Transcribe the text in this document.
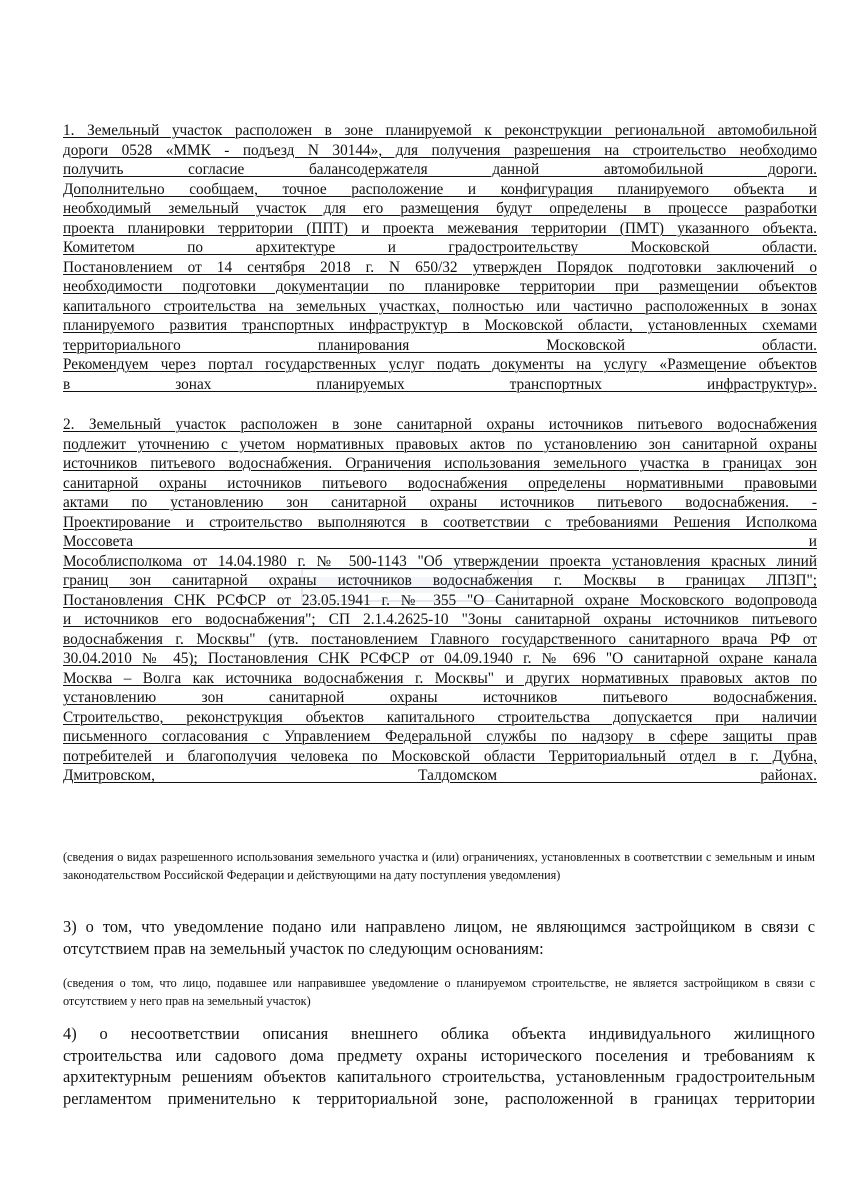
1. Земельный участок расположен в зоне планируемой к реконструкции региональной автомобильной

дороги 0528 «ММК - подъезд N 30144», для получения разрешения на строительство необходимо

получить согласие балансодержателя данной автомобильной дороги.

Дополнительно сообщаем, точное расположение и конфигурация планируемого объекта и

необходимый земельный участок для его размещения будут определены в процессе разработки

проекта планировки территории (ППТ) и проекта межевания территории (ПМТ) указанного объекта.

Комитетом по архитектуре и градостроительству Московской области.

Постановлением от 14 сентября 2018 г. N 650/32 утвержден Порядок подготовки заключений о

необходимости подготовки документации по планировке территории при размещении объектов

капитального строительства на земельных участках, полностью или частично расположенных в зонах

планируемого развития транспортных инфраструктур в Московской области, установленных схемами

территориального планирования Московской области.

Рекомендуем через портал государственных услуг подать документы на услугу «Размещение объектов

в зонах планируемых транспортных инфраструктур».

2. Земельный участок расположен в зоне санитарной охраны источников питьевого водоснабжения

подлежит уточнению с учетом нормативных правовых актов по установлению зон санитарной охраны

источников питьевого водоснабжения. Ограничения использования земельного участка в границах зон

санитарной охраны источников питьевого водоснабжения определены нормативными правовыми

актами по установлению зон санитарной охраны источников питьевого водоснабжения. -

Проектирование и строительство выполняются в соответствии с требованиями Решения Исполкома

Моссовета и

Мособлисполкома от 14.04.1980 г. № 500-1143 "Об утверждении проекта установления красных линий

границ зон санитарной охраны источников водоснабжения г. Москвы в границах ЛПЗП";

Постановления СНК РСФСР от 23.05.1941 г. № 355 "О Санитарной охране Московского водопровода

и источников его водоснабжения"; СП 2.1.4.2625-10 "Зоны санитарной охраны источников питьевого

водоснабжения г. Москвы" (утв. постановлением Главного государственного санитарного врача РФ от

30.04.2010 № 45); Постановления СНК РСФСР от 04.09.1940 г. № 696 "О санитарной охране канала

Москва – Волга как источника водоснабжения г. Москвы" и других нормативных правовых актов по

установлению зон санитарной охраны источников питьевого водоснабжения.

Строительство, реконструкция объектов капитального строительства допускается при наличии

письменного согласования с Управлением Федеральной службы по надзору в сфере защиты прав

потребителей и благополучия человека по Московской области Территориальный отдел в г. Дубна,

Дмитровском, Талдомском районах.

(сведения о видах разрешенного использования земельного участка и (или) ограничениях, установленных в соответствии с земельным и иным законодательством Российской Федерации и действующими на дату поступления уведомления)

3) о том, что уведомление подано или направлено лицом, не являющимся застройщиком в связи с

отсутствием прав на земельный участок по следующим основаниям:

(сведения о том, что лицо, подавшее или направившее уведомление о планируемом строительстве, не является застройщиком в связи с отсутствием у него прав на земельный участок)

4) о несоответствии описания внешнего облика объекта индивидуального жилищного

строительства или садового дома предмету охраны исторического поселения и требованиям к

архитектурным решениям объектов капитального строительства, установленным градостроительным

регламентом применительно к территориальной зоне, расположенной в границах территории
